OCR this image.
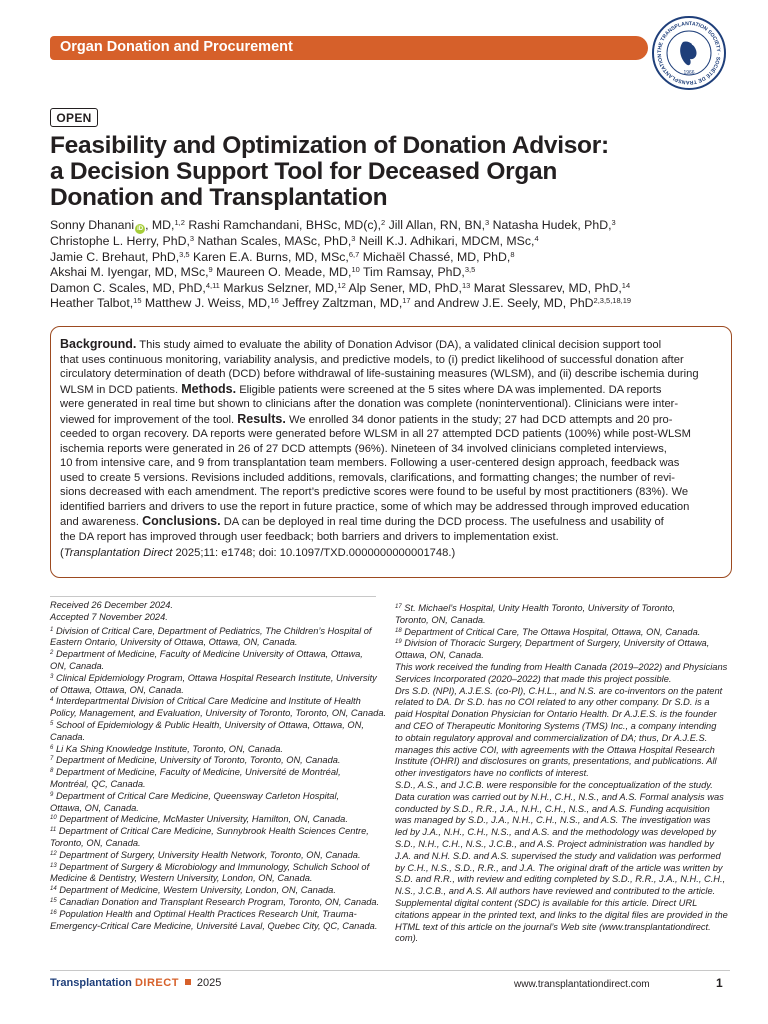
Organ Donation and Procurement	THE TRANSPLANTATION SOCIETY · SOCIÉTÉ DE TRANSPLANTATION
1966
OPEN
Feasibility and Optimization of Donation Advisor:
a Decision Support Tool for Deceased Organ
Donation and Transplantation
Sonny Dhanani iD , MD,$^{1,2}$ Rashi Ramchandani, BHSc, MD(c),$^2$ Jill Allan, RN, BN,$^3$ Natasha Hudek, PhD,$^3$
Christophe L. Herry, PhD,$^3$ Nathan Scales, MASc, PhD,$^3$ Neill K.J. Adhikari, MDCM, MSc,$^4$
Jamie C. Brehaut, PhD,$^{3,5}$ Karen E.A. Burns, MD, MSc,$^{6,7}$ Michaël Chassé, MD, PhD,$^8$
Akshai M. Iyengar, MD, MSc,$^9$ Maureen O. Meade, MD,$^{10}$ Tim Ramsay, PhD,$^{3,5}$
Damon C. Scales, MD, PhD,$^{4,11}$ Markus Selzner, MD,$^{12}$ Alp Sener, MD, PhD,$^{13}$ Marat Slessarev, MD, PhD,$^{14}$
Heather Talbot,$^{15}$ Matthew J. Weiss, MD,$^{16}$ Jeffrey Zaltzman, MD,$^{17}$ and Andrew J.E. Seely, MD, PhD$^{2,3,5,18,19}$
Background. This study aimed to evaluate the ability of Donation Advisor (DA), a validated clinical decision support tool
that uses continuous monitoring, variability analysis, and predictive models, to (i) predict likelihood of successful donation after
circulatory determination of death (DCD) before withdrawal of life-sustaining measures (WLSM), and (ii) describe ischemia during
WLSM in DCD patients. Methods. Eligible patients were screened at the 5 sites where DA was implemented. DA reports
were generated in real time but shown to clinicians after the donation was complete (noninterventional). Clinicians were inter-
viewed for improvement of the tool. Results. We enrolled 34 donor patients in the study; 27 had DCD attempts and 20 pro-
ceeded to organ recovery. DA reports were generated before WLSM in all 27 attempted DCD patients (100%) while post-WLSM
ischemia reports were generated in 26 of 27 DCD attempts (96%). Nineteen of 34 involved clinicians completed interviews,
10 from intensive care, and 9 from transplantation team members. Following a user-centered design approach, feedback was
used to create 5 versions. Revisions included additions, removals, clarifications, and formatting changes; the number of revi-
sions decreased with each amendment. The report’s predictive scores were found to be useful by most practitioners (83%). We
identified barriers and drivers to use the report in future practice, some of which may be addressed through improved education
and awareness. Conclusions. DA can be deployed in real time during the DCD process. The usefulness and usability of
the DA report has improved through user feedback; both barriers and drivers to implementation exist.
(Transplantation Direct 2025;11: e1748; doi: 10.1097/TXD.0000000000001748.)
Received 26 December 2024.
Accepted 7 November 2024.
$^1$ Division of Critical Care, Department of Pediatrics, The Children’s Hospital of
Eastern Ontario, University of Ottawa, Ottawa, ON, Canada.
$^2$ Department of Medicine, Faculty of Medicine University of Ottawa, Ottawa,
ON, Canada.
$^3$ Clinical Epidemiology Program, Ottawa Hospital Research Institute, University
of Ottawa, Ottawa, ON, Canada.
$^4$ Interdepartmental Division of Critical Care Medicine and Institute of Health
Policy, Management, and Evaluation, University of Toronto, Toronto, ON, Canada.
$^5$ School of Epidemiology & Public Health, University of Ottawa, Ottawa, ON,
Canada.
$^6$ Li Ka Shing Knowledge Institute, Toronto, ON, Canada.
$^7$ Department of Medicine, University of Toronto, Toronto, ON, Canada.
$^8$ Department of Medicine, Faculty of Medicine, Université de Montréal,
Montréal, QC, Canada.
$^9$ Department of Critical Care Medicine, Queensway Carleton Hospital,
Ottawa, ON, Canada.
$^{10}$ Department of Medicine, McMaster University, Hamilton, ON, Canada.
$^{11}$ Department of Critical Care Medicine, Sunnybrook Health Sciences Centre,
Toronto, ON, Canada.
$^{12}$ Department of Surgery, University Health Network, Toronto, ON, Canada.
$^{13}$ Department of Surgery & Microbiology and Immunology, Schulich School of
Medicine & Dentistry, Western University, London, ON, Canada.
$^{14}$ Department of Medicine, Western University, London, ON, Canada.
$^{15}$ Canadian Donation and Transplant Research Program, Toronto, ON, Canada.
$^{16}$ Population Health and Optimal Health Practices Research Unit, Trauma-
Emergency-Critical Care Medicine, Université Laval, Quebec City, QC, Canada.
$^{17}$ St. Michael’s Hospital, Unity Health Toronto, University of Toronto,
Toronto, ON, Canada.
$^{18}$ Department of Critical Care, The Ottawa Hospital, Ottawa, ON, Canada.
$^{19}$ Division of Thoracic Surgery, Department of Surgery, University of Ottawa,
Ottawa, ON, Canada.
This work received the funding from Health Canada (2019–2022) and Physicians
Services Incorporated (2020–2022) that made this project possible.
Drs S.D. (NPI), A.J.E.S. (co-PI), C.H.L., and N.S. are co-inventors on the patent
related to DA. Dr S.D. has no COI related to any other company. Dr S.D. is a
paid Hospital Donation Physician for Ontario Health. Dr A.J.E.S. is the founder
and CEO of Therapeutic Monitoring Systems (TMS) Inc., a company intending
to obtain regulatory approval and commercialization of DA; thus, Dr A.J.E.S.
manages this active COI, with agreements with the Ottawa Hospital Research
Institute (OHRI) and disclosures on grants, presentations, and publications. All
other investigators have no conflicts of interest.
S.D., A.S., and J.C.B. were responsible for the conceptualization of the study.
Data curation was carried out by N.H., C.H., N.S., and A.S. Formal analysis was
conducted by S.D., R.R., J.A., N.H., C.H., N.S., and A.S. Funding acquisition
was managed by S.D., J.A., N.H., C.H., N.S., and A.S. The investigation was
led by J.A., N.H., C.H., N.S., and A.S. and the methodology was developed by
S.D., N.H., C.H., N.S., J.C.B., and A.S. Project administration was handled by
J.A. and N.H. S.D. and A.S. supervised the study and validation was performed
by C.H., N.S., S.D., R.R., and J.A. The original draft of the article was written by
S.D. and R.R., with review and editing completed by S.D., R.R., J.A., N.H., C.H.,
N.S., J.C.B., and A.S. All authors have reviewed and contributed to the article.
Supplemental digital content (SDC) is available for this article. Direct URL
citations appear in the printed text, and links to the digital files are provided in the
HTML text of this article on the journal’s Web site (www.transplantationdirect.
com).
Transplantation DIRECT 2025	www.transplantationdirect.com	1
